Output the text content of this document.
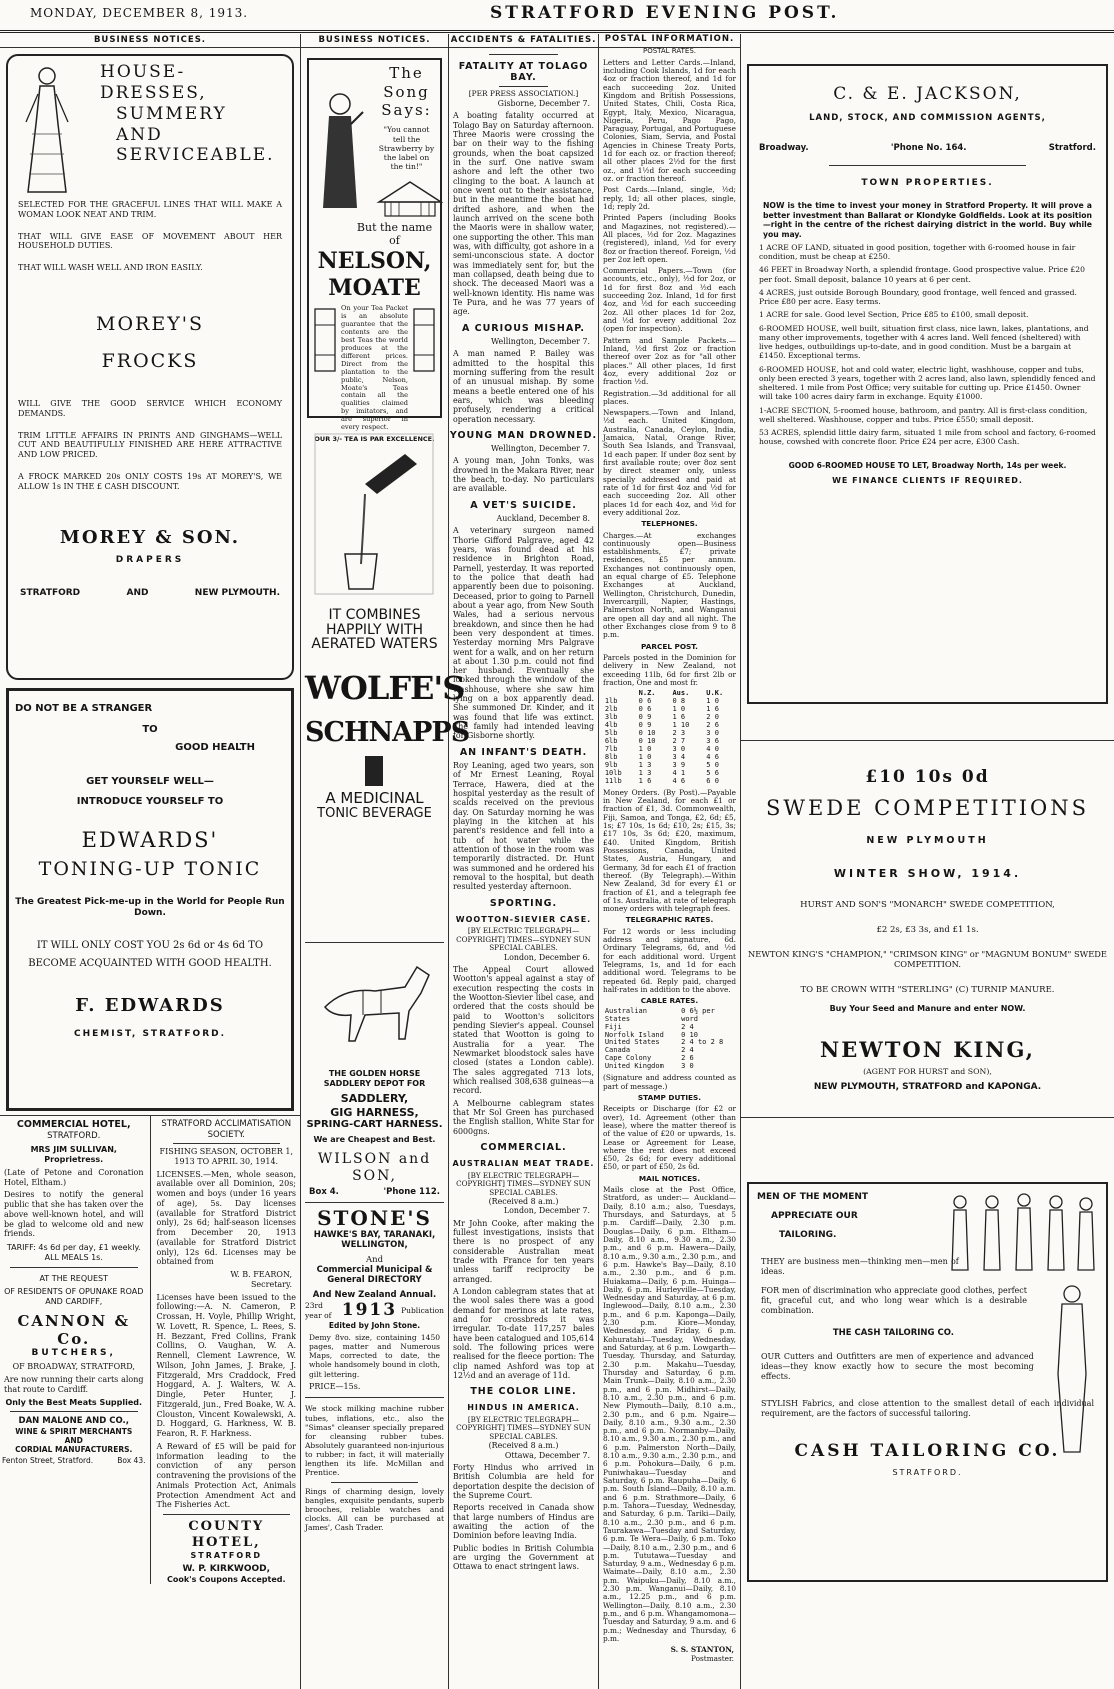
MONDAY, DECEMBER 8, 1913.	STRATFORD EVENING POST.
BUSINESS NOTICES.
HOUSE-DRESSES,
SUMMERY
AND
SERVICEABLE.
SELECTED FOR THE GRACEFUL LINES THAT WILL MAKE A WOMAN LOOK NEAT AND TRIM.
THAT WILL GIVE EASE OF MOVEMENT ABOUT HER HOUSEHOLD DUTIES.
THAT WILL WASH WELL AND IRON EASILY.
MOREY'S
FROCKS
WILL GIVE THE GOOD SERVICE WHICH ECONOMY DEMANDS.
TRIM LITTLE AFFAIRS IN PRINTS AND GINGHAMS—WELL CUT AND BEAUTIFULLY FINISHED ARE HERE ATTRACTIVE AND LOW PRICED.
A FROCK MARKED 20s ONLY COSTS 19s AT MOREY'S, WE ALLOW 1s IN THE £ CASH DISCOUNT.
MOREY & SON.
DRAPERS
STRATFORD	AND	NEW PLYMOUTH.
DO NOT BE A STRANGER
TO
GOOD HEALTH
GET YOURSELF WELL—
INTRODUCE YOURSELF TO
EDWARDS'
TONING-UP TONIC
The Greatest Pick-me-up in the World for People Run Down.
IT WILL ONLY COST YOU 2s 6d or 4s 6d TO BECOME ACQUAINTED WITH GOOD HEALTH.
F. EDWARDS
CHEMIST, STRATFORD.
COMMERCIAL HOTEL,
STRATFORD.
MRS JIM SULLIVAN, Proprietress.
(Late of Petone and Coronation Hotel, Eltham.)
Desires to notify the general public that she has taken over the above well-known hotel, and will be glad to welcome old and new friends.
TARIFF: 4s 6d per day, £1 weekly.
ALL MEALS 1s.
AT THE REQUEST
OF RESIDENTS OF OPUNAKE ROAD AND CARDIFF,
CANNON & Co.
BUTCHERS,
OF BROADWAY, STRATFORD,
Are now running their carts along that route to Cardiff.
Only the Best Meats Supplied.
DAN MALONE AND CO.,
WINE & SPIRIT MERCHANTS
AND
CORDIAL MANUFACTURERS.
Fenton Street, Stratford.	Box 43.
STRATFORD ACCLIMATISATION SOCIETY.
FISHING SEASON, OCTOBER 1, 1913 TO APRIL 30, 1914.
LICENSES.—Men, whole season, available over all Dominion, 20s; women and boys (under 16 years of age), 5s. Day licenses (available for Stratford District only), 2s 6d; half-season licenses from December 20, 1913 (available for Stratford District only), 12s 6d. Licenses may be obtained from
W. B. FEARON,
Secretary.
Licenses have been issued to the following:—A. N. Cameron, P. Crossan, H. Voyle, Phillip Wright, W. Lovett, R. Spence, L. Rees, S. H. Bezzant, Fred Collins, Frank Collins, O. Vaughan, W. A. Rennell, Clement Lawrence, W. Wilson, John James, J. Brake, J. Fitzgerald, Mrs Craddock, Fred Hoggard, A. J. Walters, W. A. Dingle, Peter Hunter, J. Fitzgerald, jun., Fred Boake, W. A. Clouston, Vincent Kowalewski, A. D. Hoggard, G. Harkness, W. B. Fearon, R. F. Harkness.
A Reward of £5 will be paid for information leading to the conviction of any person contravening the provisions of the Animals Protection Act, Animals Protection Amendment Act and The Fisheries Act.
COUNTY HOTEL,
STRATFORD
W. P. KIRKWOOD,
Cook's Coupons Accepted.
BUSINESS NOTICES.
The Song
Says:
"You cannot tell the Strawberry by the label on the tin!"
But the name of
NELSON,
MOATE
On your Tea Packet is an absolute guarantee that the contents are the best Teas the world produces at the different prices. Direct from the plantation to the public, Nelson, Moate's Teas contain all the qualities claimed by imitators, and are superior in every respect.
OUR 3/- TEA IS PAR EXCELLENCE.
IT COMBINES
HAPPILY WITH
AERATED WATERS
WOLFE'S
SCHNAPPS
A MEDICINAL
TONIC BEVERAGE
THE GOLDEN HORSE SADDLERY DEPOT FOR
SADDLERY,
GIG HARNESS,
SPRING-CART HARNESS.
We are Cheapest and Best.
WILSON and SON,
Box 4.	'Phone 112.
STONE'S
HAWKE'S BAY, TARANAKI, WELLINGTON,
And
Commercial Municipal & General DIRECTORY
And New Zealand Annual.
23rd year of 1913 Publication
Edited by John Stone.
Demy 8vo. size, containing 1450 pages, matter and Numerous Maps, corrected to date, the whole handsomely bound in cloth, gilt lettering.
PRICE—15s.
We stock milking machine rubber tubes, inflations, etc., also the "Simas" cleanser specially prepared for cleansing rubber tubes. Absolutely guaranteed non-injurious to rubber; in fact, it will materially lengthen its life. McMillan and Prentice.
Rings of charming design, lovely bangles, exquisite pendants, superb brooches, reliable watches and clocks. All can be purchased at James', Cash Trader.
ACCIDENTS & FATALITIES.
FATALITY AT TOLAGO BAY.
[PER PRESS ASSOCIATION.]
Gisborne, December 7.
A boating fatality occurred at Tolago Bay on Saturday afternoon. Three Maoris were crossing the bar on their way to the fishing grounds, when the boat capsized in the surf. One native swam ashore and left the other two clinging to the boat. A launch at once went out to their assistance, but in the meantime the boat had drifted ashore, and when the launch arrived on the scene both the Maoris were in shallow water, one supporting the other. This man was, with difficulty, got ashore in a semi-unconscious state. A doctor was immediately sent for, but the man collapsed, death being due to shock. The deceased Maori was a well-known identity. His name was Te Pura, and he was 77 years of age.
A CURIOUS MISHAP.
Wellington, December 7.
A man named P. Bailey was admitted to the hospital this morning suffering from the result of an unusual mishap. By some means a beetle entered one of his ears, which was bleeding profusely, rendering a critical operation necessary.
YOUNG MAN DROWNED.
Wellington, December 7.
A young man, John Tonks, was drowned in the Makara River, near the beach, to-day. No particulars are available.
A VET'S SUICIDE.
Auckland, December 8.
A veterinary surgeon named Thorie Gifford Palgrave, aged 42 years, was found dead at his residence in Brighton Road, Parnell, yesterday. It was reported to the police that death had apparently been due to poisoning. Deceased, prior to going to Parnell about a year ago, from New South Wales, had a serious nervous breakdown, and since then he had been very despondent at times. Yesterday morning Mrs Palgrave went for a walk, and on her return at about 1.30 p.m. could not find her husband. Eventually she looked through the window of the washhouse, where she saw him lying on a box apparently dead. She summoned Dr. Kinder, and it was found that life was extinct. The family had intended leaving for Gisborne shortly.
AN INFANT'S DEATH.
Roy Leaning, aged two years, son of Mr Ernest Leaning, Royal Terrace, Hawera, died at the hospital yesterday as the result of scalds received on the previous day. On Saturday morning he was playing in the kitchen at his parent's residence and fell into a tub of hot water while the attention of those in the room was temporarily distracted. Dr. Hunt was summoned and he ordered his removal to the hospital, but death resulted yesterday afternoon.
SPORTING.
WOOTTON-SIEVIER CASE.
[BY ELECTRIC TELEGRAPH—COPYRIGHT] TIMES—SYDNEY SUN SPECIAL CABLES.
London, December 6.
The Appeal Court allowed Wootton's appeal against a stay of execution respecting the costs in the Wootton-Sievier libel case, and ordered that the costs should be paid to Wootton's solicitors pending Sievier's appeal. Counsel stated that Wootton is going to Australia for a year. The Newmarket bloodstock sales have closed (states a London cable). The sales aggregated 713 lots, which realised 308,638 guineas—a record.
A Melbourne cablegram states that Mr Sol Green has purchased the English stallion, White Star for 6000gns.
COMMERCIAL.
AUSTRALIAN MEAT TRADE.
[BY ELECTRIC TELEGRAPH—COPYRIGHT] TIMES—SYDNEY SUN SPECIAL CABLES.
(Received 8 a.m.)
London, December 7.
Mr John Cooke, after making the fullest investigations, insists that there is no prospect of any considerable Australian meat trade with France for ten years unless tariff reciprocity be arranged.
A London cablegram states that at the wool sales there was a good demand for merinos at late rates, and for crossbreds it was irregular. To-date 117,257 bales have been catalogued and 105,614 sold. The following prices were realised for the fleece portion: The clip named Ashford was top at 12½d and an average of 11d.
THE COLOR LINE.
HINDUS IN AMERICA.
[BY ELECTRIC TELEGRAPH—COPYRIGHT] TIMES—SYDNEY SUN SPECIAL CABLES.
(Received 8 a.m.)
Ottawa, December 7.
Forty Hindus who arrived in British Columbia are held for deportation despite the decision of the Supreme Court.
Reports received in Canada show that large numbers of Hindus are awaiting the action of the Dominion before leaving India.
Public bodies in British Columbia are urging the Government at Ottawa to enact stringent laws.
POSTAL INFORMATION.
POSTAL RATES.
Letters and Letter Cards.—Inland, including Cook Islands, 1d for each 4oz or fraction thereof, and 1d for each succeeding 2oz. United Kingdom and British Possessions, United States, Chili, Costa Rica, Egypt, Italy, Mexico, Nicaragua, Nigeria, Peru, Pago Pago, Paraguay, Portugal, and Portuguese Colonies, Siam, Servia, and Postal Agencies in Chinese Treaty Ports, 1d for each oz. or fraction thereof; all other places 2½d for the first oz., and 1½d for each succeeding oz. or fraction thereof.
Post Cards.—Inland, single, ½d; reply, 1d; all other places, single, 1d; reply 2d.
Printed Papers (including Books and Magazines, not registered).—All places, ½d for 2oz. Magazines (registered), inland, ½d for every 8oz or fraction thereof. Foreign, ½d per 2oz left open.
Commercial Papers.—Town (for accounts, etc., only), ½d for 2oz, or 1d for first 8oz and ½d each succeeding 2oz. Inland, 1d for first 4oz, and ½d for each succeeding 2oz. All other places 1d for 2oz, and ½d for every additional 2oz (open for inspection).
Pattern and Sample Packets.—Inland, ½d first 2oz or fraction thereof over 2oz as for "all other places." All other places, 1d first 4oz, every additional 2oz or fraction ½d.
Registration.—3d additional for all places.
Newspapers.—Town and Inland, ½d each. United Kingdom, Australia, Canada, Ceylon, India, Jamaica, Natal, Orange River, South Sea Islands, and Transvaal, 1d each paper. If under 8oz sent by first available route; over 8oz sent by direct steamer only, unless specially addressed and paid at rate of 1d for first 4oz and ½d for each succeeding 2oz. All other places 1d for each 4oz, and ½d for every additional 2oz.
TELEPHONES.
Charges.—At exchanges continuously open—Business establishments, £7; private residences, £5 per annum. Exchanges not continuously open, an equal charge of £5. Telephone Exchanges at Auckland, Wellington, Christchurch, Dunedin, Invercargill, Napier, Hastings, Palmerston North, and Wanganui are open all day and all night. The other Exchanges close from 9 to 8 p.m.
PARCEL POST.
Parcels posted in the Dominion for delivery in New Zealand, not exceeding 11lb, 6d for first 2lb or fraction, One and most fr.
	N.Z.	Aus.	U.K.
1lb	0 6	0 8	1 0
2lb	0 6	1 0	1 6
3lb	0 9	1 6	2 0
4lb	0 9	1 10	2 6
5lb	0 10	2 3	3 0
6lb	0 10	2 7	3 6
7lb	1 0	3 0	4 0
8lb	1 0	3 4	4 6
9lb	1 3	3 9	5 0
10lb	1 3	4 1	5 6
11lb	1 6	4 6	6 0
Money Orders. (By Post).—Payable in New Zealand, for each £1 or fraction of £1, 3d. Commonwealth, Fiji, Samoa, and Tonga, £2, 6d; £5, 1s; £7 10s, 1s 6d; £10, 2s; £15, 3s; £17 10s, 3s 6d; £20, maximum, £40. United Kingdom, British Possessions, Canada, United States, Austria, Hungary, and Germany, 3d for each £1 of fraction thereof. (By Telegraph).—Within New Zealand, 3d for every £1 or fraction of £1, and a telegraph fee of 1s. Australia, at rate of telegraph money orders with telegraph fees.
TELEGRAPHIC RATES.
For 12 words or less including address and signature, 6d. Ordinary Telegrams, 6d, and ½d for each additional word. Urgent Telegrams, 1s, and 1d for each additional word. Telegrams to be repeated 6d. Reply paid, charged half-rates in addition to the above.
CABLE RATES.
Australian States	0 6½ per word
Fiji	2 4
Norfolk Island	0 10
United States	2 4 to 2 8
Canada	2 4
Cape Colony	2 6
United Kingdom	3 0
(Signature and address counted as part of message.)
STAMP DUTIES.
Receipts or Discharge (for £2 or over), 1d. Agreement (other than lease), where the matter thereof is of the value of £20 or upwards, 1s. Lease or Agreement for Lease, where the rent does not exceed £50, 2s 6d; for every additional £50, or part of £50, 2s 6d.
MAIL NOTICES.
Mails close at the Post Office, Stratford, as under:— Auckland—Daily, 8.10 a.m.; also, Tuesdays, Thursdays, and Saturdays, at 5 p.m. Cardiff—Daily, 2.30 p.m. Douglas—Daily, 6 p.m. Eltham—Daily, 8.10 a.m., 9.30 a.m., 2.30 p.m., and 6 p.m. Hawera—Daily, 8.10 a.m., 9.30 a.m., 2.30 p.m., and 6 p.m. Hawke's Bay—Daily, 8.10 a.m., 2.30 p.m., and 6 p.m. Huiakama—Daily, 6 p.m. Huinga—Daily, 6 p.m. Hurleyville—Tuesday, Wednesday and Saturday, at 6 p.m. Inglewood—Daily, 8.10 a.m., 2.30 p.m., and 6 p.m. Kaponga—Daily, 2.30 p.m. Kiore—Monday, Wednesday, and Friday, 6 p.m. Kohuratahi—Tuesday, Wednesday, and Saturday, at 6 p.m. Lowgarth—Tuesday, Thursday, and Saturday, 2.30 p.m. Makahu—Tuesday, Thursday and Saturday, 6 p.m. Main Trunk—Daily, 8.10 a.m., 2.30 p.m., and 6 p.m. Midhirst—Daily, 8.10 a.m., 2.30 p.m., and 6 p.m. New Plymouth—Daily, 8.10 a.m., 2.30 p.m., and 6 p.m. Ngaire—Daily, 8.10 a.m., 9.30 a.m., 2.30 p.m., and 6 p.m. Normanby—Daily, 8.10 a.m., 9.30 a.m., 2.30 p.m., and 6 p.m. Palmerston North—Daily, 8.10 a.m., 9.30 a.m., 2.30 p.m., and 6 p.m. Pohokura—Daily, 6 p.m. Puniwhakau—Tuesday and Saturday, 6 p.m. Raupuha—Daily, 6 p.m. South Island—Daily, 8.10 a.m. and 6 p.m. Strathmore—Daily, 6 p.m. Tahora—Tuesday, Wednesday, and Saturday, 6 p.m. Tariki—Daily, 8.10 a.m., 2.30 p.m., and 6 p.m. Taurakawa—Tuesday and Saturday, 6 p.m. Te Wera—Daily, 6 p.m. Toko—Daily, 8.10 a.m., 2.30 p.m., and 6 p.m. Tututawa—Tuesday and Saturday, 9 a.m., Wednesday 6 p.m. Waimate—Daily, 8.10 a.m., 2.30 p.m. Waipuku—Daily, 8.10 a.m., 2.30 p.m. Wanganui—Daily, 8.10 a.m., 12.25 p.m., and 6 p.m. Wellington—Daily, 8.10 a.m., 2.30 p.m., and 6 p.m. Whangamomona—Tuesday and Saturday, 9 a.m. and 6 p.m.; Wednesday and Thursday, 6 p.m.
S. S. STANTON,
Postmaster.
C. & E. JACKSON,
LAND, STOCK, AND COMMISSION AGENTS,
Broadway.	'Phone No. 164.	Stratford.
TOWN PROPERTIES.
NOW is the time to invest your money in Stratford Property. It will prove a better investment than Ballarat or Klondyke Goldfields. Look at its position—right in the centre of the richest dairying district in the world. Buy while you may.
1 ACRE OF LAND, situated in good position, together with 6-roomed house in fair condition, must be cheap at £250.
46 FEET in Broadway North, a splendid frontage. Good prospective value. Price £20 per foot. Small deposit, balance 10 years at 6 per cent.
4 ACRES, just outside Borough Boundary, good frontage, well fenced and grassed. Price £80 per acre. Easy terms.
1 ACRE for sale. Good level Section, Price £85 to £100, small deposit.
6-ROOMED HOUSE, well built, situation first class, nice lawn, lakes, plantations, and many other improvements, together with 4 acres land. Well fenced (sheltered) with live hedges, outbuildings up-to-date, and in good condition. Must be a bargain at £1450. Exceptional terms.
6-ROOMED HOUSE, hot and cold water, electric light, washhouse, copper and tubs, only been erected 3 years, together with 2 acres land, also lawn, splendidly fenced and sheltered. 1 mile from Post Office; very suitable for cutting up. Price £1450. Owner will take 100 acres dairy farm in exchange. Equity £1000.
1-ACRE SECTION, 5-roomed house, bathroom, and pantry. All is first-class condition, well sheltered. Washhouse, copper and tubs. Price £550; small deposit.
53 ACRES, splendid little dairy farm, situated 1 mile from school and factory, 6-roomed house, cowshed with concrete floor. Price £24 per acre, £300 Cash.
GOOD 6-ROOMED HOUSE TO LET, Broadway North, 14s per week.
WE FINANCE CLIENTS IF REQUIRED.
£10 10s 0d
SWEDE COMPETITIONS
NEW PLYMOUTH
WINTER SHOW, 1914.
HURST AND SON'S "MONARCH" SWEDE COMPETITION,
£2 2s, £3 3s, and £1 1s.
NEWTON KING'S "CHAMPION," "CRIMSON KING" or "MAGNUM BONUM" SWEDE COMPETITION.
TO BE CROWN WITH "STERLING" (C) TURNIP MANURE.
Buy Your Seed and Manure and enter NOW.
NEWTON KING,
(AGENT FOR HURST and SON),
NEW PLYMOUTH, STRATFORD and KAPONGA.
MEN OF THE MOMENT
APPRECIATE OUR
TAILORING.
THEY are business men—thinking men—men of ideas.
FOR men of discrimination who appreciate good clothes, perfect fit, graceful cut, and who long wear which is a desirable combination.
THE CASH TAILORING CO.
OUR Cutters and Outfitters are men of experience and advanced ideas—they know exactly how to secure the most becoming effects.
STYLISH Fabrics, and close attention to the smallest detail of each individual requirement, are the factors of successful tailoring.
CASH TAILORING CO.
STRATFORD.
